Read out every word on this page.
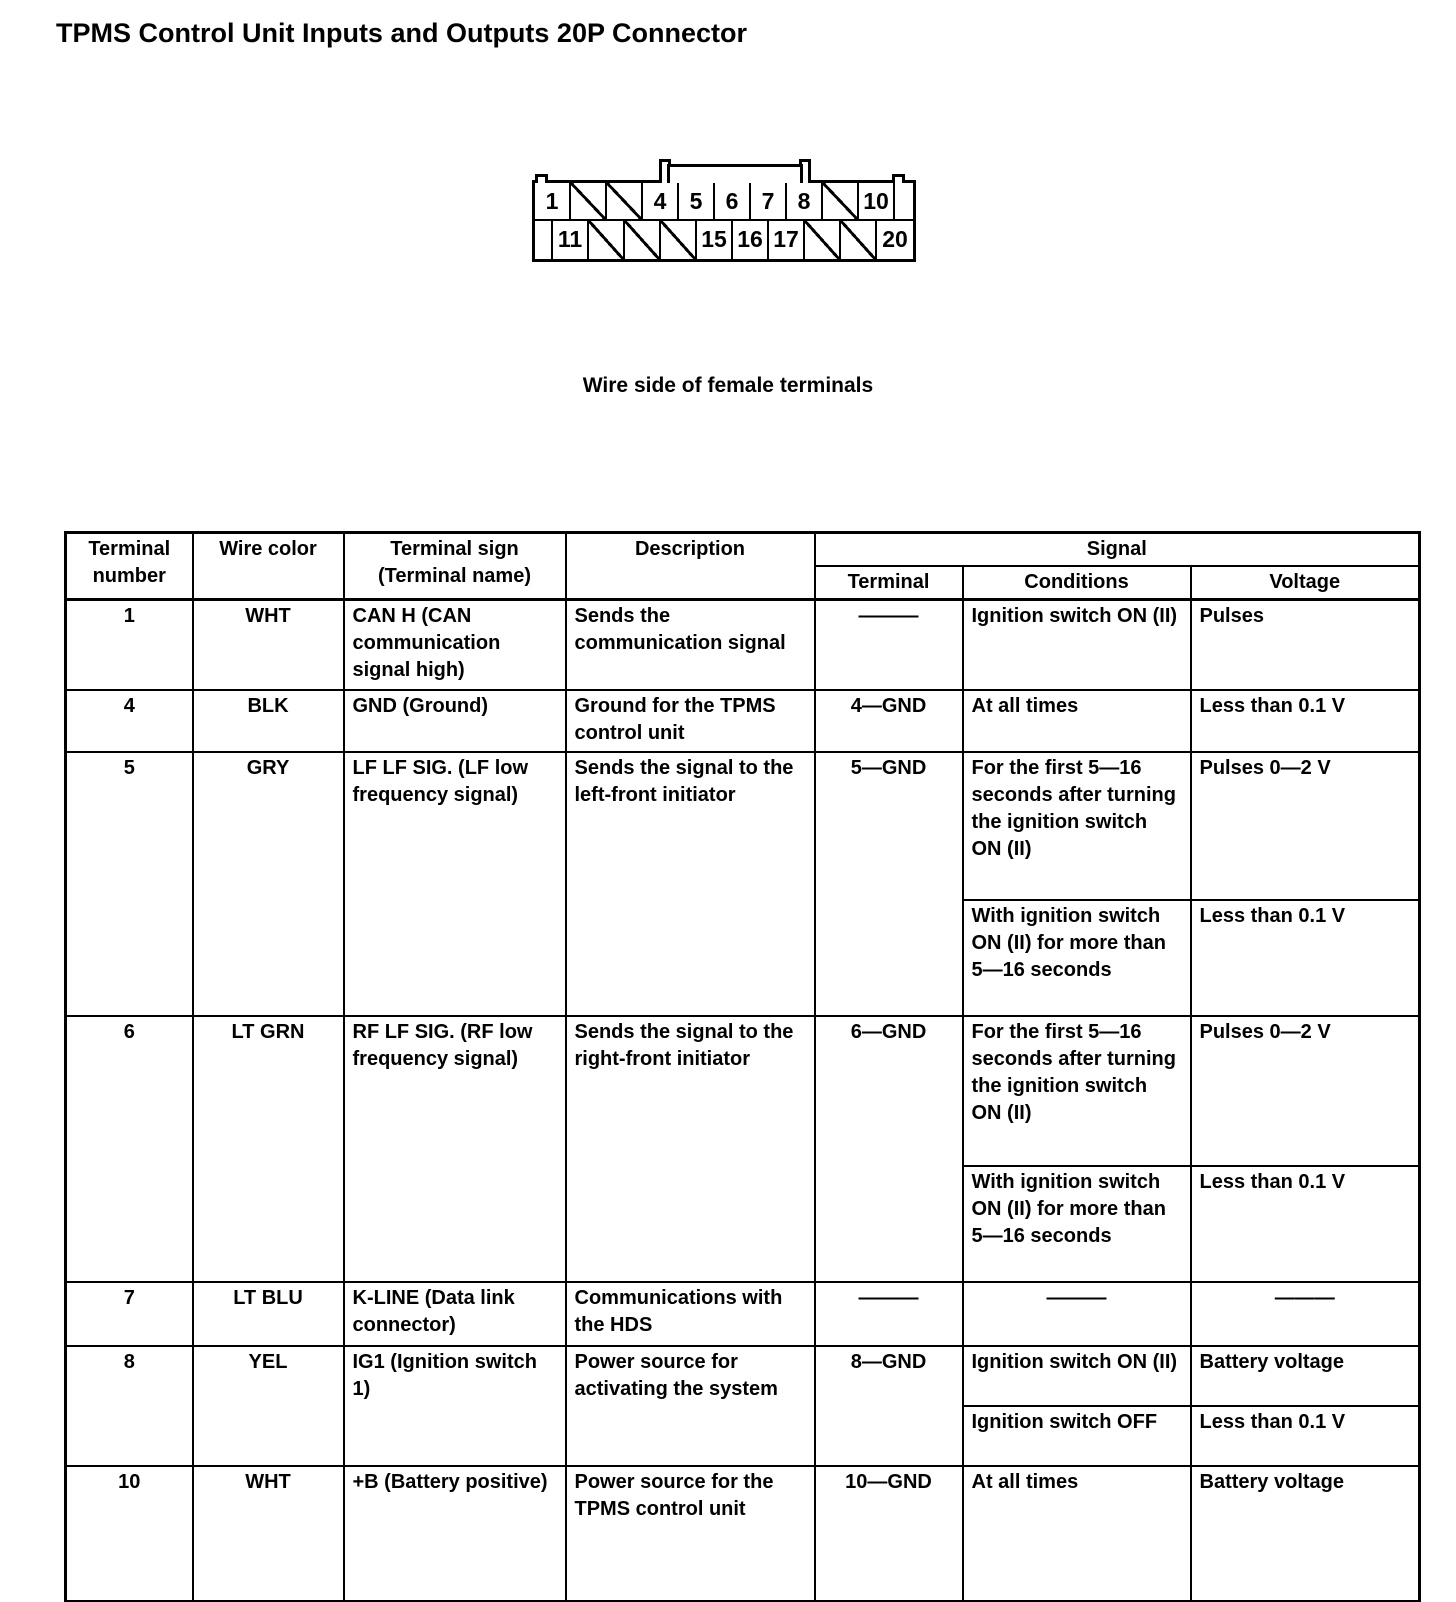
TPMS Control Unit Inputs and Outputs 20P Connector
1	4	5	6	7	8	10
11	15 16 17	20
Wire side of female terminals
Terminal number	Wire color	Terminal sign (Terminal name)	Description	Signal		
				Terminal	Conditions	Voltage
1	WHT	CAN H (CAN communication signal high)	Sends the communication signal	———	Ignition switch ON (II)	Pulses
4	BLK	GND (Ground)	Ground for the TPMS control unit	4—GND	At all times	Less than 0.1 V
5	GRY	LF LF SIG. (LF low frequency signal)	Sends the signal to the left-front initiator	5—GND	For the first 5—16 seconds after turning the ignition switch ON (II)	Pulses 0—2 V
					With ignition switch ON (II) for more than 5—16 seconds	Less than 0.1 V
6	LT GRN	RF LF SIG. (RF low frequency signal)	Sends the signal to the right-front initiator	6—GND	For the first 5—16 seconds after turning the ignition switch ON (II)	Pulses 0—2 V
					With ignition switch ON (II) for more than 5—16 seconds	Less than 0.1 V
7	LT BLU	K-LINE (Data link connector)	Communications with the HDS	———	———	———
8	YEL	IG1 (Ignition switch 1)	Power source for activating the system	8—GND	Ignition switch ON (II)	Battery voltage
					Ignition switch OFF	Less than 0.1 V
10	WHT	+B (Battery positive)	Power source for the TPMS control unit	10—GND	At all times	Battery voltage
